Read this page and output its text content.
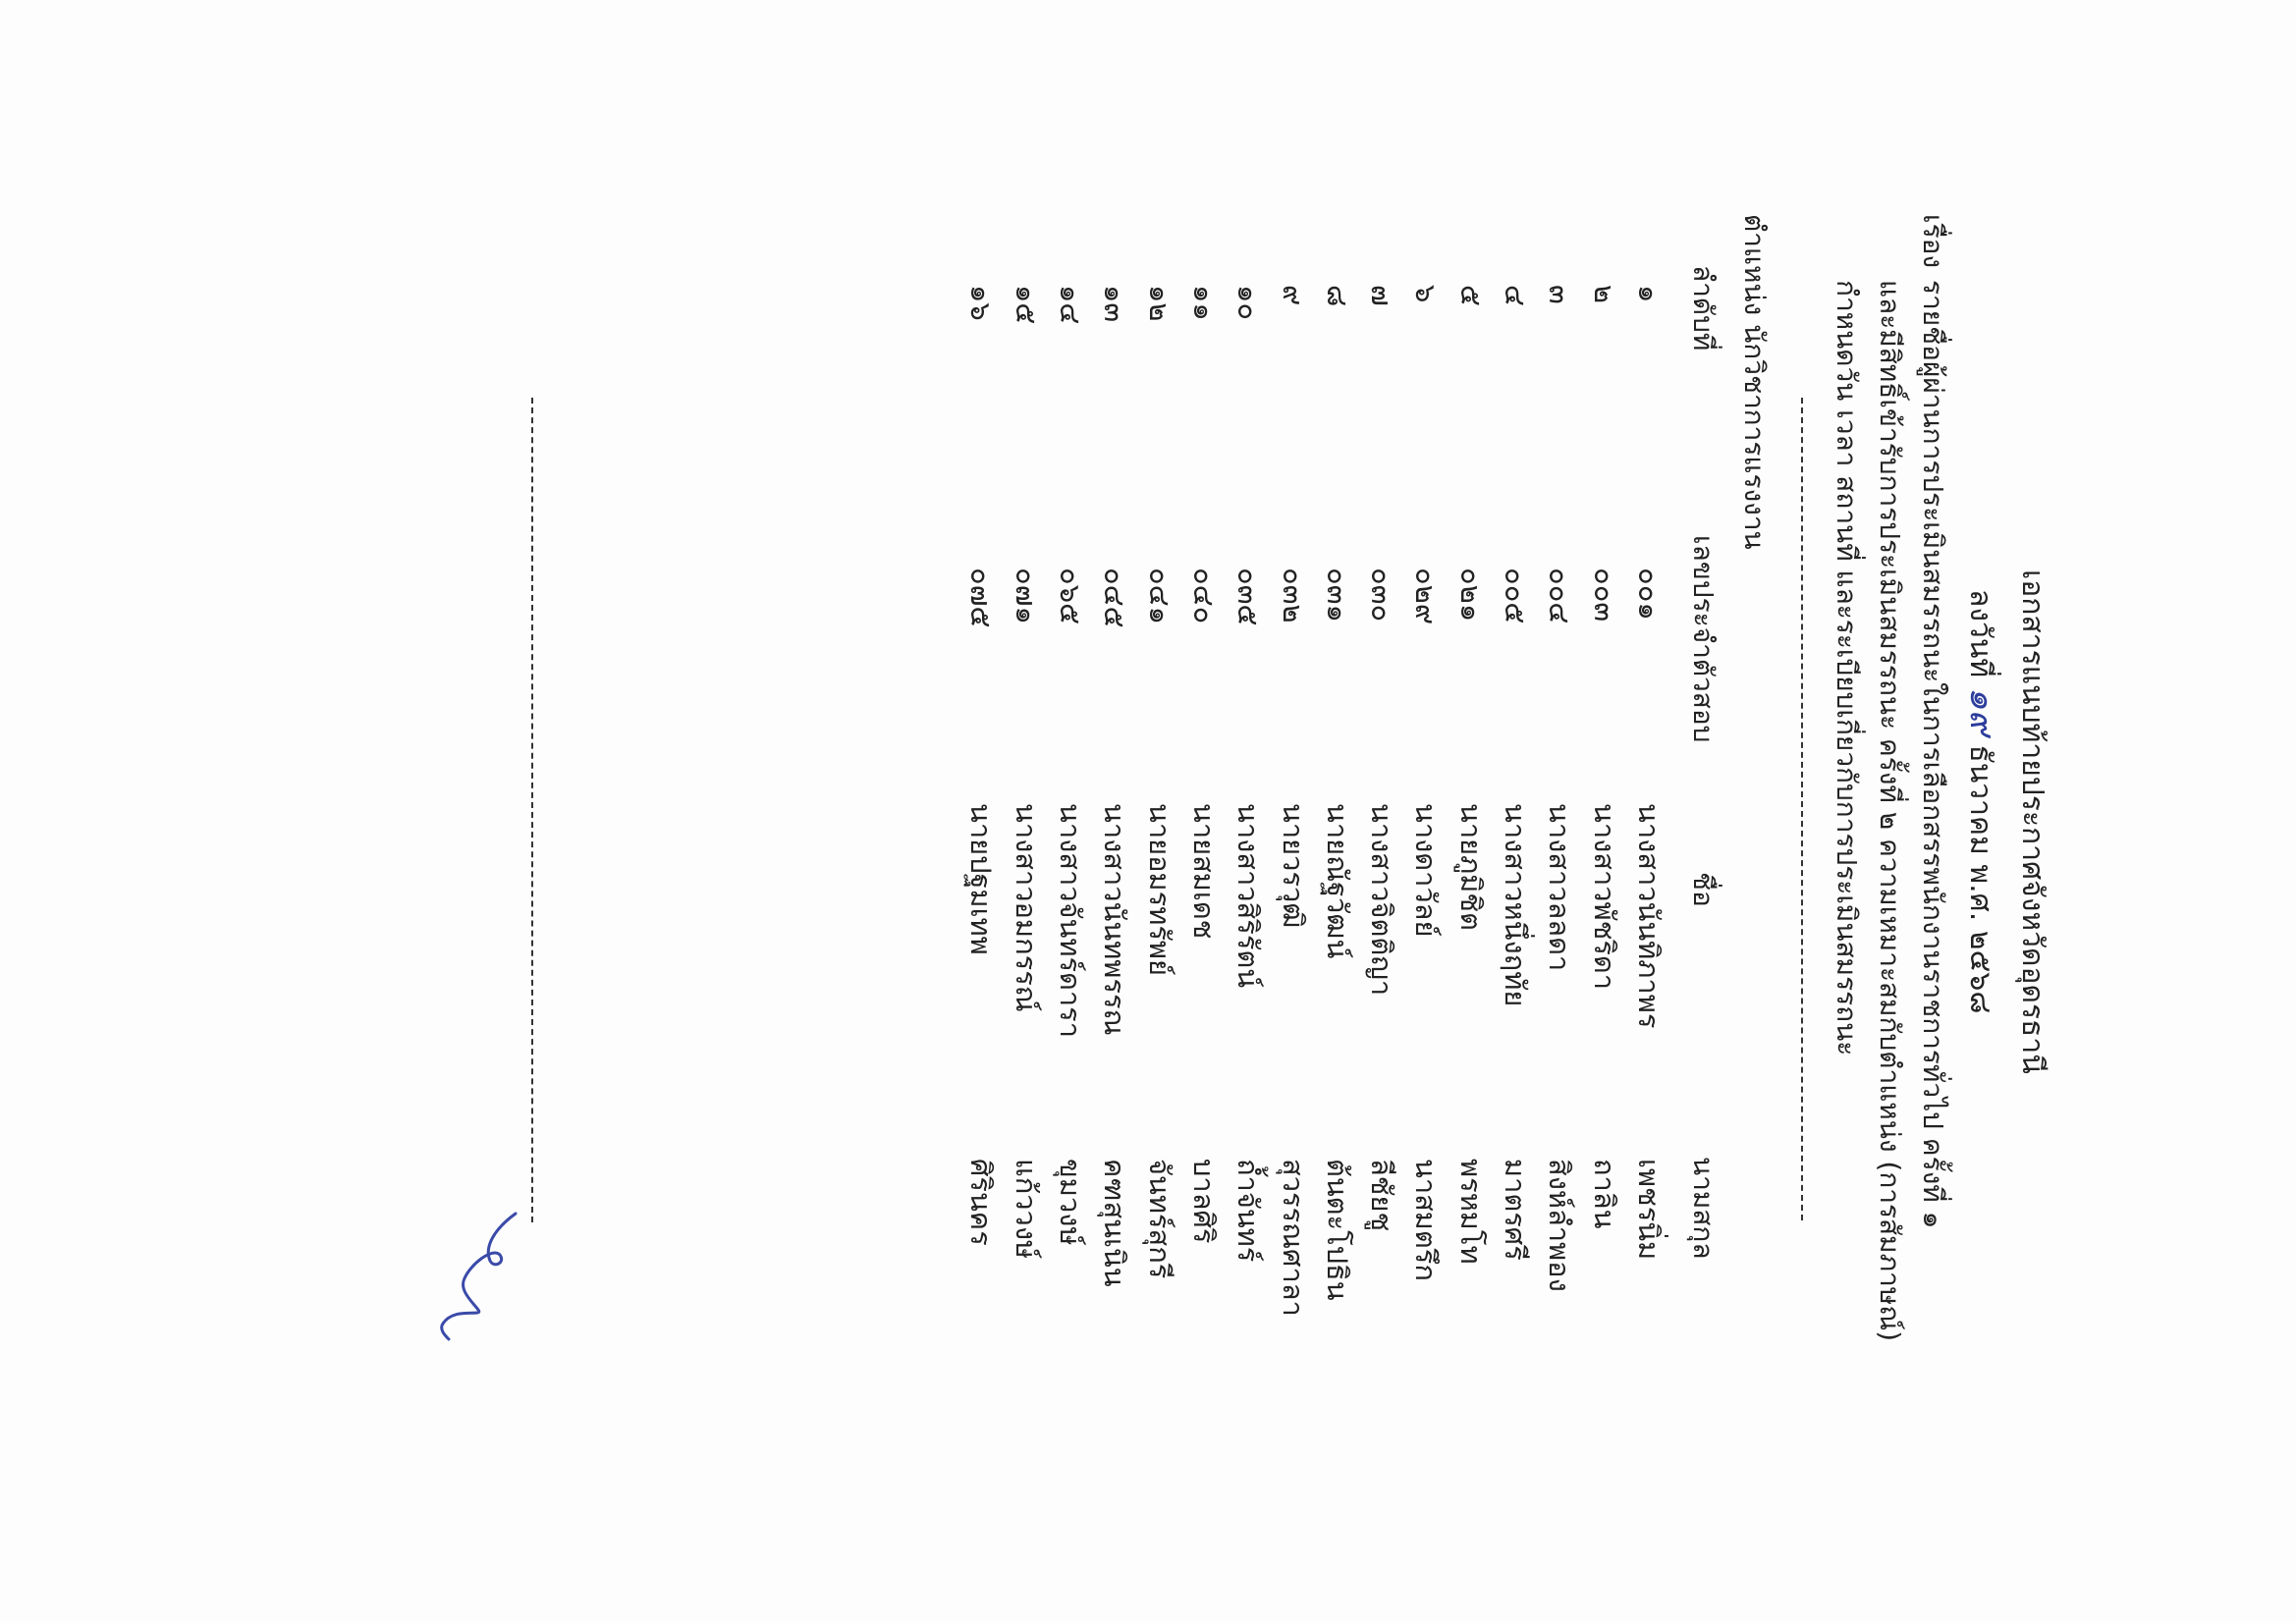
เอกสารแนบท้ายประกาศจังหวัดอุดรธานี
ลงวันที่ ๑๙ ธันวาคม พ.ศ. ๒๕๖๘
เรื่อง
รายชื่อผู้ผ่านการประเมินสมรรถนะในการเลือกสรรพนักงานราชการทั่วไป ครั้งที่ ๑
และมีสิทธิ์เข้ารับการประเมินสมรรถนะ ครั้งที่ ๒ ความเหมาะสมกับตำแหน่ง (การสัมภาษณ์)
กำหนดวัน เวลา สถานที่ และระเบียบเกี่ยวกับการประเมินสมรรถนะ
ตำแหน่ง นักวิชาการแรงงาน
ลำดับที่
เลขประจำตัวสอบ
ชื่อ
นามสกุล
๑
๐๐๑
นางสาวนันทิภาพร
เพชรนิ่ม
๒
๐๐๓
นางสาวพัชริดา
ถาลิน
๓
๐๐๔
นางสาวลลดา
สิงห์ลำพอง
๔
๐๐๕
นางสาวหนึ่งฤทัย
มาตรศรี
๕
๐๒๑
นายภูมิชิต
พรหมโท
๖
๐๒๙
นางดาวัลย์
นาสมตรึก
๗
๐๓๐
นางสาวจิตติญา
ลีชัยชู
๘
๐๓๑
นายณัฐวัฒน์
ต้นตะโปธิน
๙
๐๓๒
นายวรวุฒิ
สุวรรณศาลา
๑๐
๐๓๕
นางสาวสิริรัตน์
ถ้ำจันทร์
๑๑
๐๔๐
นายสมเดช
บาลศิริ
๑๒
๐๔๑
นายอมรทรัพย์
จันทร์สุกรี
๑๓
๐๔๕
นางสาวนันทพรรณ
คฑสุนเนิน
๑๔
๐๖๕
นางสาวจันทร์ดารา
ขุมวงษ์
๑๕
๐๗๑
นางสาวอมกรรณ์
แก้ววงษ์
๑๖
๐๗๕
นายปฐมเทพ
ศิรินคร
